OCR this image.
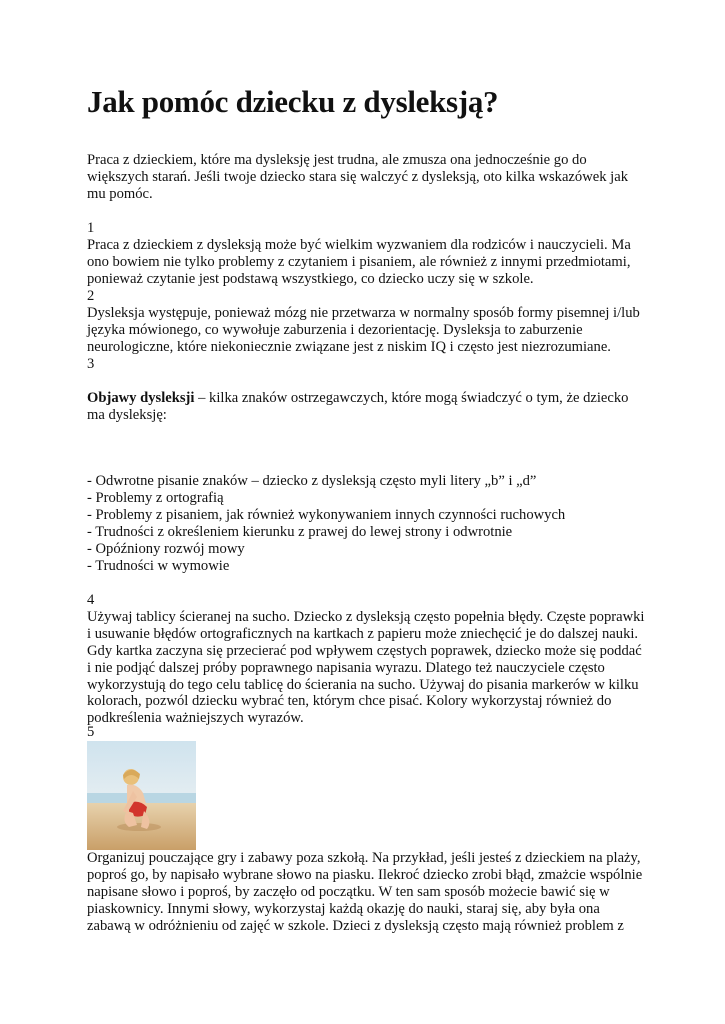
Jak pomóc dziecku z dysleksją?

Praca z dzieckiem, które ma dysleksję jest trudna, ale zmusza ona jednocześnie go do większych starań. Jeśli twoje dziecko stara się walczyć z dysleksją, oto kilka wskazówek jak mu pomóc.

1

Praca z dzieckiem z dysleksją może być wielkim wyzwaniem dla rodziców i nauczycieli. Ma ono bowiem nie tylko problemy z czytaniem i pisaniem, ale również z innymi przedmiotami, ponieważ czytanie jest podstawą wszystkiego, co dziecko uczy się w szkole.

2

Dysleksja występuje, ponieważ mózg nie przetwarza w normalny sposób formy pisemnej i/lub języka mówionego, co wywołuje zaburzenia i dezorientację. Dysleksja to zaburzenie neurologiczne, które niekoniecznie związane jest z niskim IQ i często jest niezrozumiane.

3

Objawy dysleksji – kilka znaków ostrzegawczych, które mogą świadczyć o tym, że dziecko ma dysleksję:

- Odwrotne pisanie znaków – dziecko z dysleksją często myli litery „b” i „d”
- Problemy z ortografią
- Problemy z pisaniem, jak również wykonywaniem innych czynności ruchowych
- Trudności z określeniem kierunku z prawej do lewej strony i odwrotnie
- Opóźniony rozwój mowy
- Trudności w wymowie

4

Używaj tablicy ścieranej na sucho. Dziecko z dysleksją często popełnia błędy. Częste poprawki i usuwanie błędów ortograficznych na kartkach z papieru może zniechęcić je do dalszej nauki. Gdy kartka zaczyna się przecierać pod wpływem częstych poprawek, dziecko może się poddać i nie podjąć dalszej próby poprawnego napisania wyrazu. Dlatego też nauczyciele często wykorzystują do tego celu tablicę do ścierania na sucho. Używaj do pisania markerów w kilku kolorach, pozwól dziecku wybrać ten, którym chce pisać. Kolory wykorzystaj również do podkreślenia ważniejszych wyrazów.

5

Organizuj pouczające gry i zabawy poza szkołą. Na przykład, jeśli jesteś z dzieckiem na plaży, poproś go, by napisało wybrane słowo na piasku. Ilekroć dziecko zrobi błąd, zmażcie wspólnie napisane słowo i poproś, by zaczęło od początku. W ten sam sposób możecie bawić się w piaskownicy. Innymi słowy, wykorzystaj każdą okazję do nauki, staraj się, aby była ona zabawą w odróżnieniu od zajęć w szkole. Dzieci z dysleksją często mają również problem z
